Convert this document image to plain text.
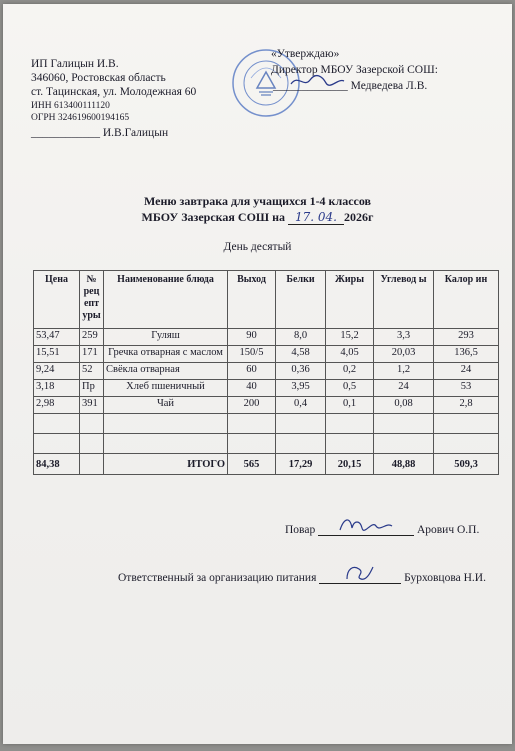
ИП Галицын И.В.
346060, Ростовская область
ст. Тацинская, ул. Молодежная 60
ИНН 613400111120
ОГРН 324619600194165
____________ И.В.Галицын
«Утверждаю»
Директор МБОУ Зазерской СОШ:
_____________ Медведева Л.В.
Меню завтрака для учащихся 1-4 классов
МБОУ Зазерская СОШ на 17. 04. 2026г
День десятый
Цена	№ рец епт уры	Наименование блюда	Выход	Белки	Жиры	Углевод ы	Калор ин
53,47	259	Гуляш	90	8,0	15,2	3,3	293
15,51	171	Гречка отварная с маслом	150/5	4,58	4,05	20,03	136,5
9,24	52	Свёкла отварная	60	0,36	0,2	1,2	24
3,18	Пр	Хлеб пшеничный	40	3,95	0,5	24	53
2,98	391	Чай	200	0,4	0,1	0,08	2,8

84,38		ИТОГО	565	17,29	20,15	48,88	509,3
Повар	Арович О.П.
Ответственный за организацию питания	Бурховцова Н.И.
